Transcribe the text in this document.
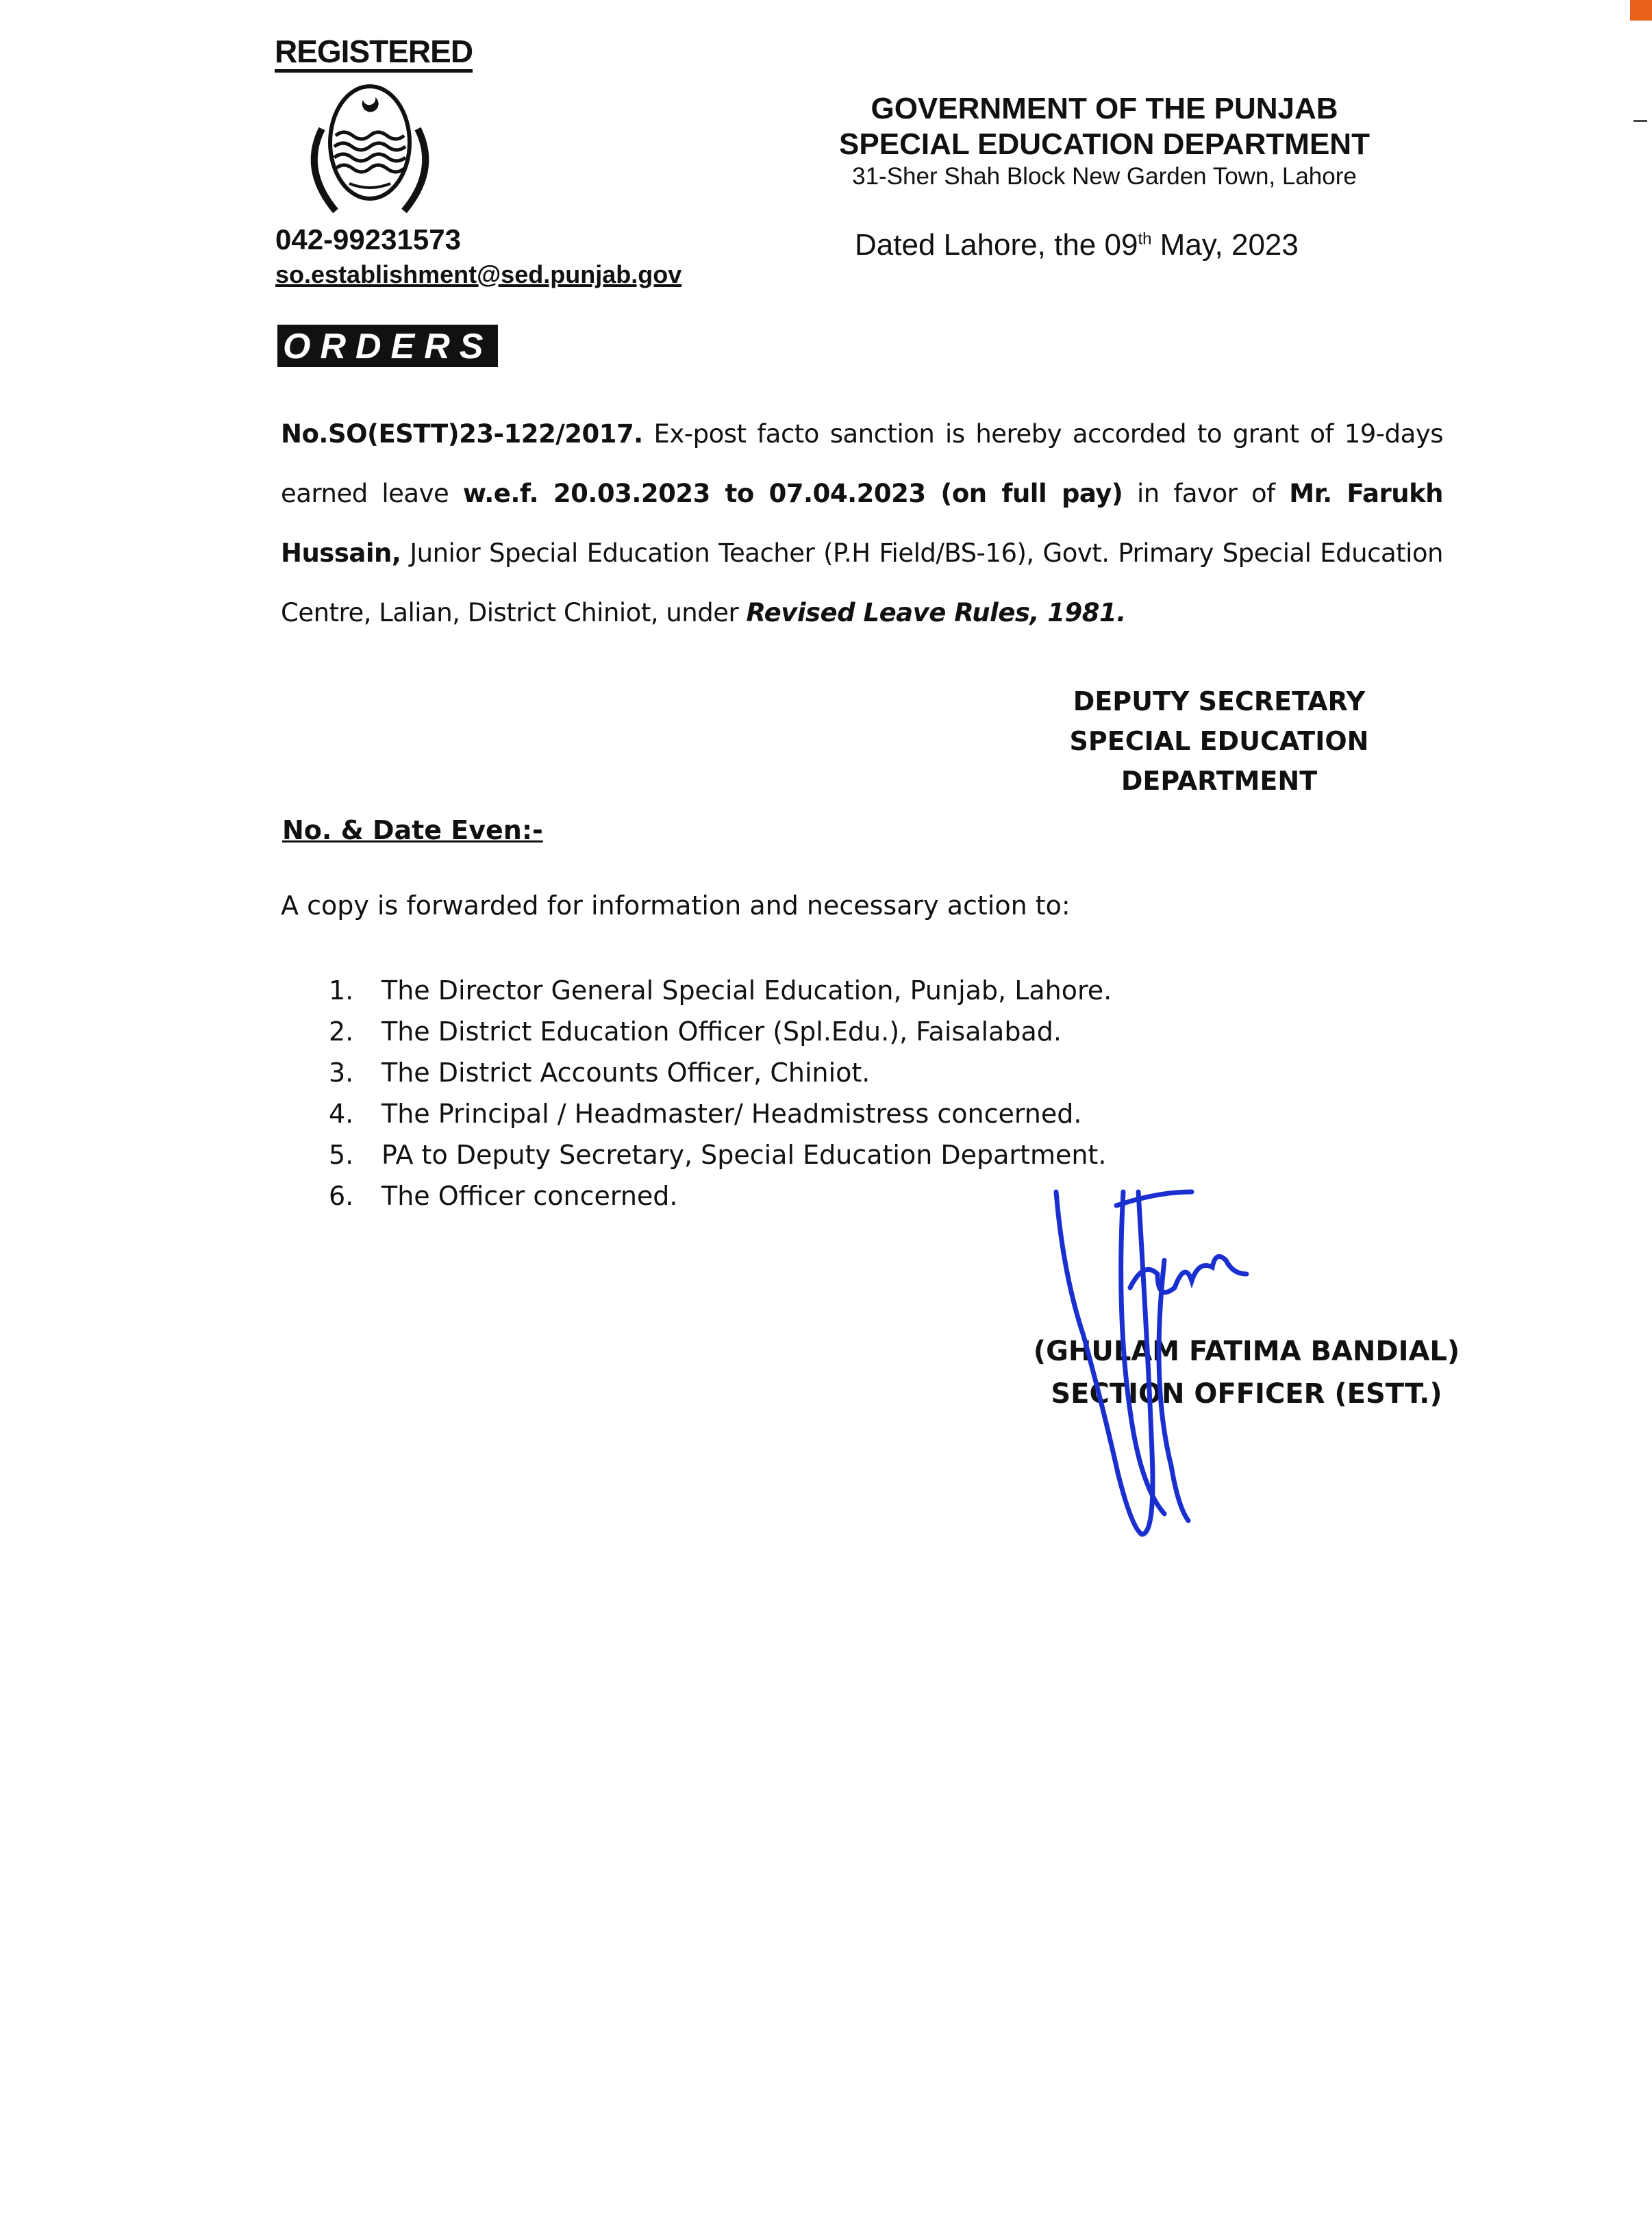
REGISTERED
042-99231573
so.establishment@sed.punjab.gov
ORDERS
GOVERNMENT OF THE PUNJAB
SPECIAL EDUCATION DEPARTMENT
31-Sher Shah Block New Garden Town, Lahore
Dated Lahore, the 09th May, 2023
No.SO(ESTT)23-122/2017. Ex-post facto sanction is hereby accorded to grant of 19-days earned leave w.e.f. 20.03.2023 to 07.04.2023 (on full pay) in favor of Mr. Farukh Hussain, Junior Special Education Teacher (P.H Field/BS-16), Govt. Primary Special Education Centre, Lalian, District Chiniot, under Revised Leave Rules, 1981.
DEPUTY SECRETARY
SPECIAL EDUCATION
DEPARTMENT
No. & Date Even:-
A copy is forwarded for information and necessary action to:
1.	The Director General Special Education, Punjab, Lahore.
2.	The District Education Officer (Spl.Edu.), Faisalabad.
3.	The District Accounts Officer, Chiniot.
4.	The Principal / Headmaster/ Headmistress concerned.
5.	PA to Deputy Secretary, Special Education Department.
6.	The Officer concerned.
(GHULAM FATIMA BANDIAL)
SECTION OFFICER (ESTT.)
